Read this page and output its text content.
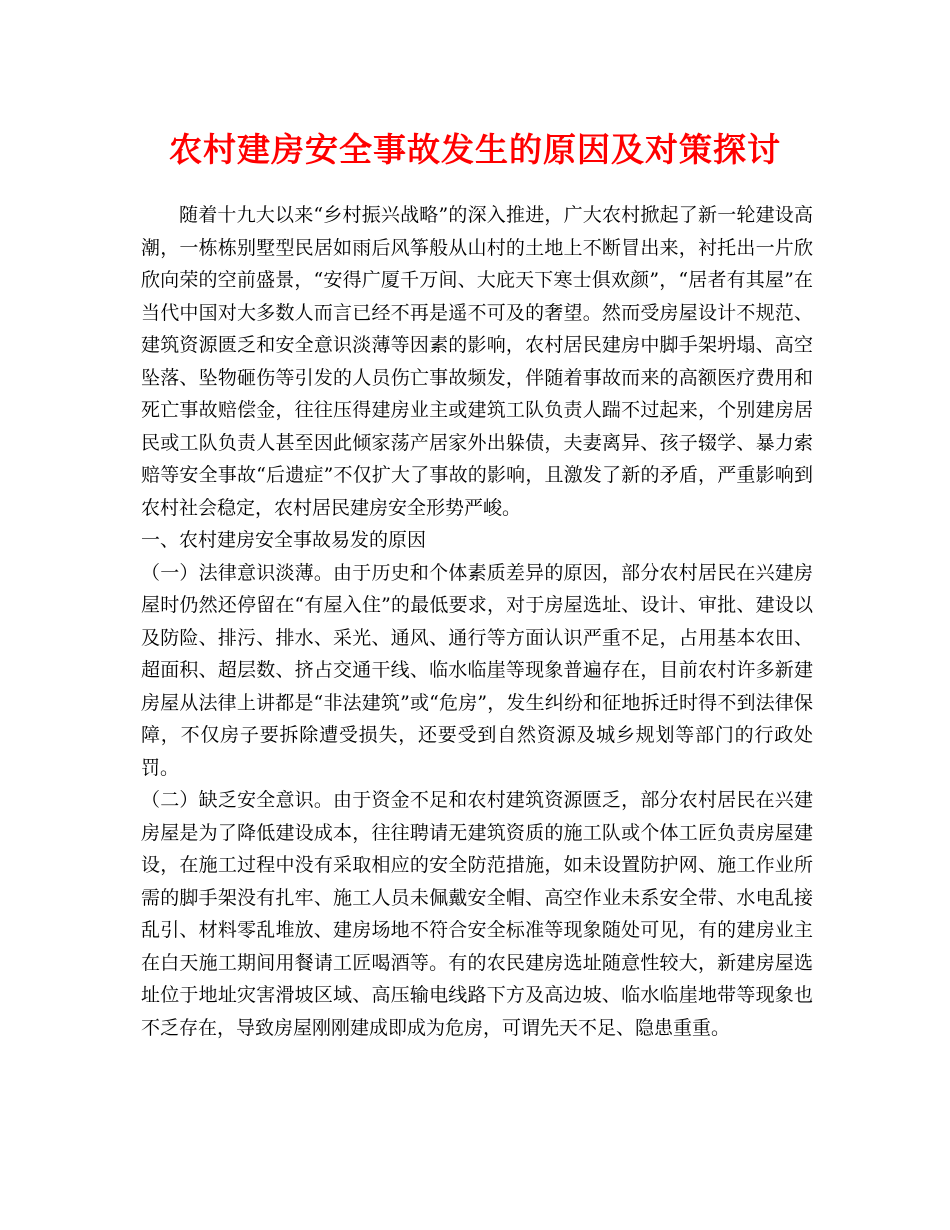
农村建房安全事故发生的原因及对策探讨

随着十九大以来“乡村振兴战略”的深入推进，广大农村掀起了新一轮建设高潮，一栋栋别墅型民居如雨后风筝般从山村的土地上不断冒出来，衬托出一片欣欣向荣的空前盛景，“安得广厦千万间、大庇天下寒士俱欢颜”，“居者有其屋”在当代中国对大多数人而言已经不再是遥不可及的奢望。然而受房屋设计不规范、建筑资源匮乏和安全意识淡薄等因素的影响，农村居民建房中脚手架坍塌、高空坠落、坠物砸伤等引发的人员伤亡事故频发，伴随着事故而来的高额医疗费用和死亡事故赔偿金，往往压得建房业主或建筑工队负责人踹不过起来，个别建房居民或工队负责人甚至因此倾家荡产居家外出躲债，夫妻离异、孩子辍学、暴力索赔等安全事故“后遗症”不仅扩大了事故的影响，且激发了新的矛盾，严重影响到农村社会稳定，农村居民建房安全形势严峻。

一、农村建房安全事故易发的原因

（一）法律意识淡薄。由于历史和个体素质差异的原因，部分农村居民在兴建房屋时仍然还停留在“有屋入住”的最低要求，对于房屋选址、设计、审批、建设以及防险、排污、排水、采光、通风、通行等方面认识严重不足，占用基本农田、超面积、超层数、挤占交通干线、临水临崖等现象普遍存在，目前农村许多新建房屋从法律上讲都是“非法建筑”或“危房”，发生纠纷和征地拆迁时得不到法律保障，不仅房子要拆除遭受损失，还要受到自然资源及城乡规划等部门的行政处罚。

（二）缺乏安全意识。由于资金不足和农村建筑资源匮乏，部分农村居民在兴建房屋是为了降低建设成本，往往聘请无建筑资质的施工队或个体工匠负责房屋建设，在施工过程中没有采取相应的安全防范措施，如未设置防护网、施工作业所需的脚手架没有扎牢、施工人员未佩戴安全帽、高空作业未系安全带、水电乱接乱引、材料零乱堆放、建房场地不符合安全标准等现象随处可见，有的建房业主在白天施工期间用餐请工匠喝酒等。有的农民建房选址随意性较大，新建房屋选址位于地址灾害滑坡区域、高压输电线路下方及高边坡、临水临崖地带等现象也不乏存在，导致房屋刚刚建成即成为危房，可谓先天不足、隐患重重。
